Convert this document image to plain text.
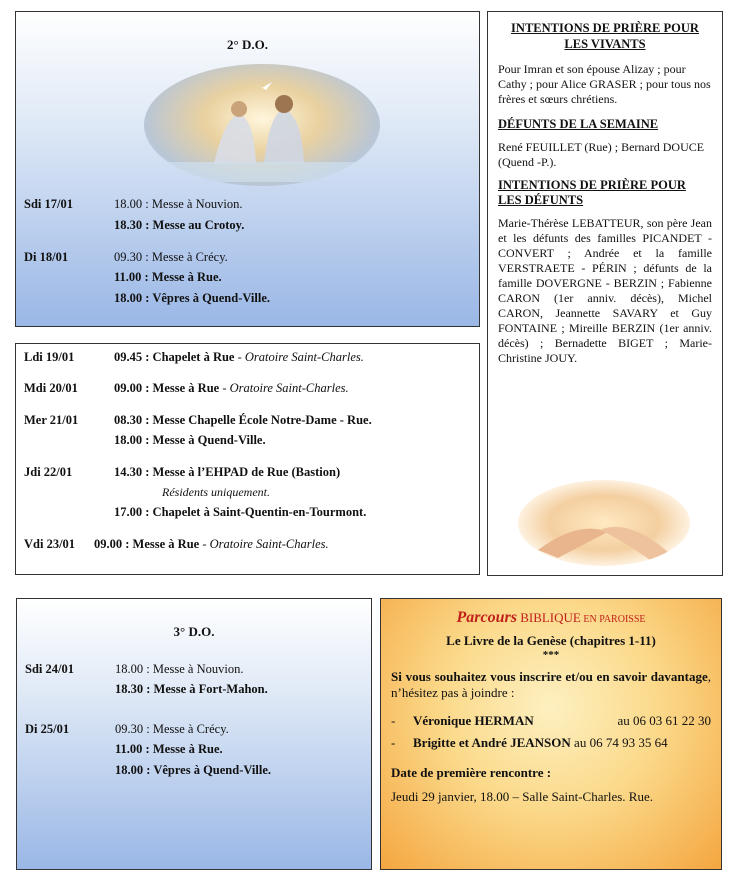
2° D.O.
Sdi 17/01	18.00 : Messe à Nouvion.
18.30 : Messe au Crotoy.
Di 18/01	09.30 : Messe à Crécy.
11.00 : Messe à Rue.
18.00 : Vêpres à Quend-Ville.
Ldi 19/01	09.45 : Chapelet à Rue - Oratoire Saint-Charles.
Mdi 20/01	09.00 : Messe à Rue - Oratoire Saint-Charles.
Mer 21/01	08.30 : Messe Chapelle École Notre-Dame - Rue.
18.00 : Messe à Quend-Ville.
Jdi 22/01	14.30 : Messe à l’EHPAD de Rue (Bastion)
Résidents uniquement.
17.00 : Chapelet à Saint-Quentin-en-Tourmont.
Vdi 23/01 09.00 : Messe à Rue - Oratoire Saint-Charles.
INTENTIONS DE PRIÈRE POUR
LES VIVANTS
Pour Imran et son épouse Alizay ; pour Cathy ; pour Alice GRASER ; pour tous nos frères et sœurs chrétiens.
DÉFUNTS DE LA SEMAINE
René FEUILLET (Rue) ; Bernard DOUCE (Quend -P.).
INTENTIONS DE PRIÈRE POUR LES DÉFUNTS
Marie-Thérèse LEBATTEUR, son père Jean et les défunts des familles PICANDET - CONVERT ; Andrée et la famille VERSTRAETE - PÉRIN ; défunts de la famille DOVERGNE - BERZIN ; Fabienne CARON (1er anniv. décès), Michel CARON, Jeannette SAVARY et Guy FONTAINE ; Mireille BERZIN (1er anniv. décès) ; Bernadette BIGET ; Marie-Christine JOUY.
3° D.O.
Sdi 24/01	18.00 : Messe à Nouvion.
18.30 : Messe à Fort-Mahon.
Di 25/01	09.30 : Messe à Crécy.
11.00 : Messe à Rue.
18.00 : Vêpres à Quend-Ville.
Parcours BIBLIQUE EN PAROISSE
Le Livre de la Genèse (chapitres 1-11)
***
Si vous souhaitez vous inscrire et/ou en savoir davantage, n’hésitez pas à joindre :
-	Véronique HERMAN	au 06 03 61 22 30
-	Brigitte et André JEANSON au 06 74 93 35 64
Date de première rencontre :
Jeudi 29 janvier, 18.00 – Salle Saint-Charles. Rue.
